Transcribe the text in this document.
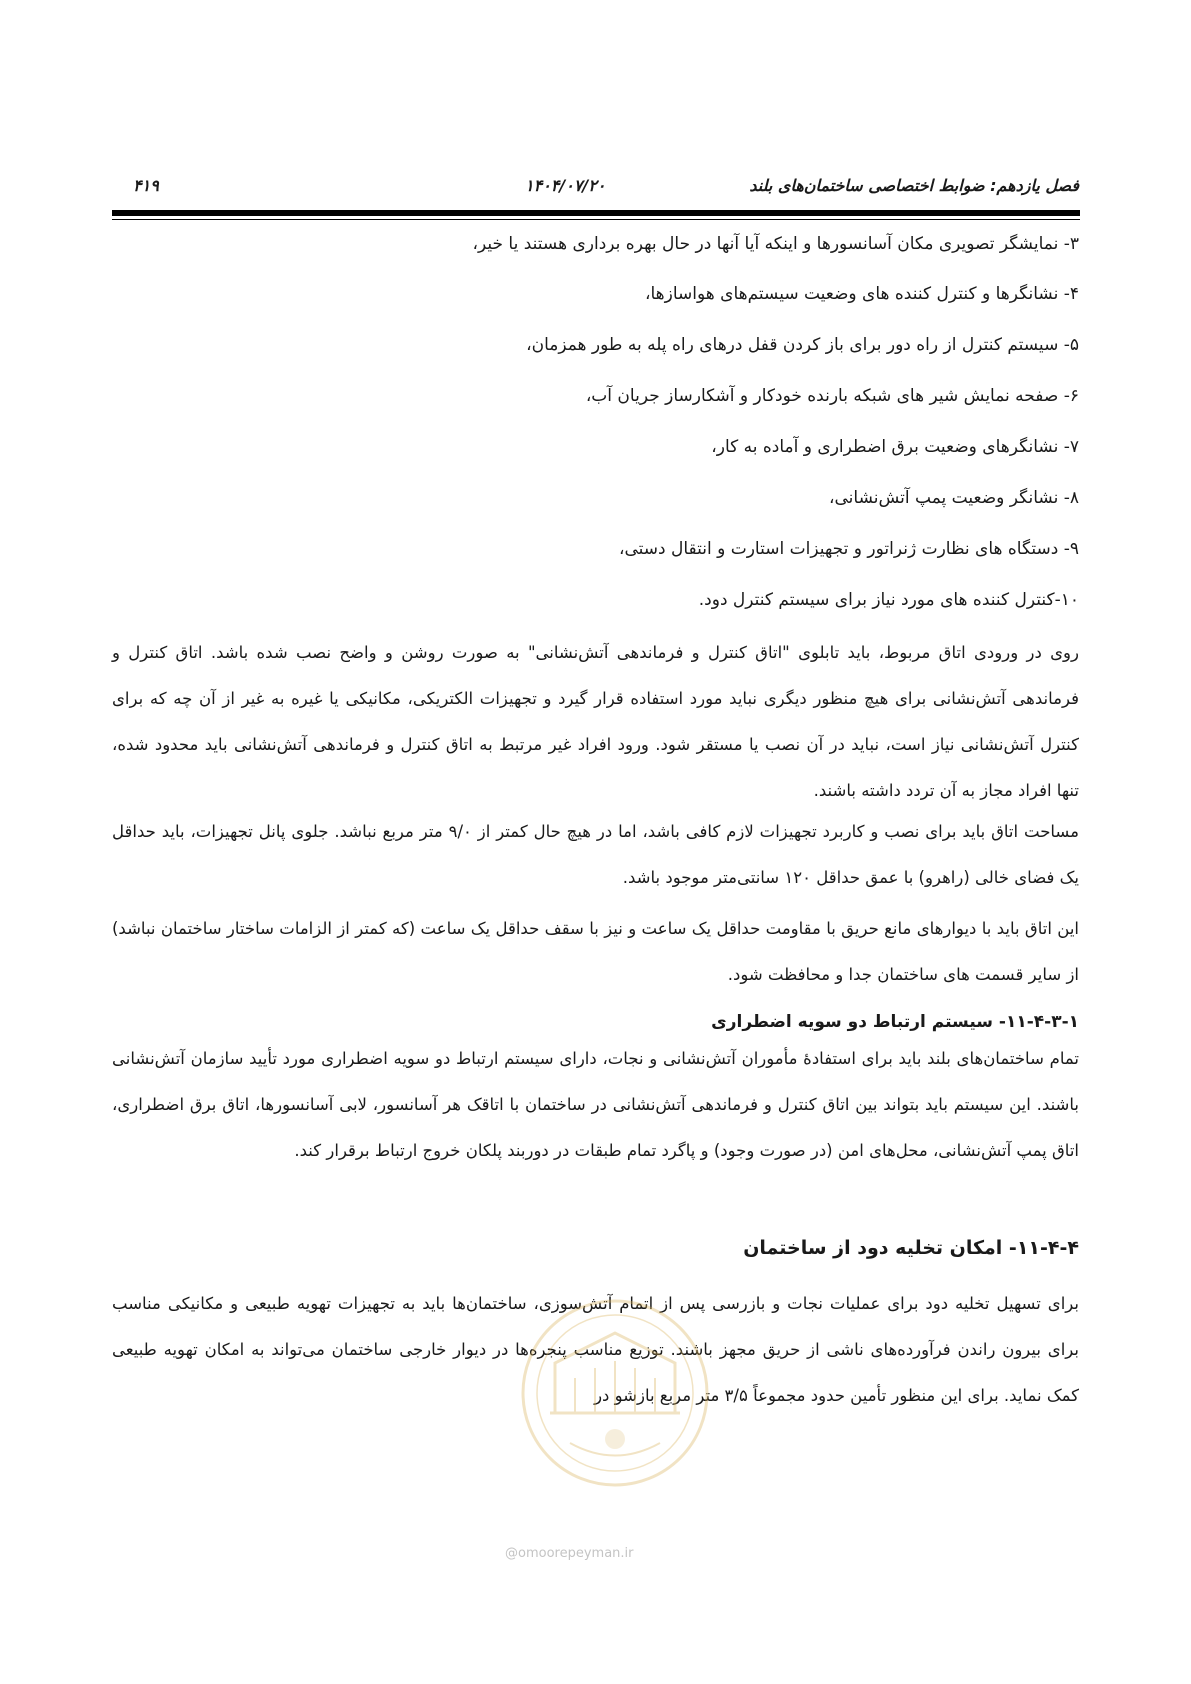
فصل یازدهم: ضوابط اختصاصی ساختمان‌های بلند
۱۴۰۴/۰۷/۲۰
۴۱۹
۳- نمایشگر تصویری مکان آسانسورها و اینکه آیا آنها در حال بهره برداری هستند یا خیر،
۴- نشانگرها و کنترل کننده های وضعیت سیستم‌های هواسازها،
۵- سیستم کنترل از راه دور برای باز کردن قفل درهای راه پله به طور همزمان،
۶- صفحه نمایش شیر های شبکه بارنده خودکار و آشکارساز جریان آب،
۷- نشانگرهای وضعیت برق اضطراری و آماده به کار،
۸- نشانگر وضعیت پمپ آتش‌نشانی،
۹- دستگاه های نظارت ژنراتور و تجهیزات استارت و انتقال دستی،
۱۰-کنترل کننده های مورد نیاز برای سیستم کنترل دود.
روی در ورودی اتاق مربوط، باید تابلوی "اتاق کنترل و فرماندهی آتش‌نشانی" به صورت روشن و واضح نصب شده باشد. اتاق کنترل و فرماندهی آتش‌نشانی برای هیچ منظور دیگری نباید مورد استفاده قرار گیرد و تجهیزات الکتریکی، مکانیکی یا غیره به غیر از آن چه که برای کنترل آتش‌نشانی نیاز است، نباید در آن نصب یا مستقر شود. ورود افراد غیر مرتبط به اتاق کنترل و فرماندهی آتش‌نشانی باید محدود شده، تنها افراد مجاز به آن تردد داشته باشند.
مساحت اتاق باید برای نصب و کاربرد تجهیزات لازم کافی باشد، اما در هیچ حال کمتر از ۹/۰ متر مربع نباشد. جلوی پانل تجهیزات، باید حداقل یک فضای خالی (راهرو) با عمق حداقل ۱۲۰ سانتی‌متر موجود باشد.
این اتاق باید با دیوارهای مانع حریق با مقاومت حداقل یک ساعت و نیز با سقف حداقل یک ساعت (که کمتر از الزامات ساختار ساختمان نباشد) از سایر قسمت های ساختمان جدا و محافظت شود.
۱۱-۴-۳-۱- سیستم ارتباط دو سویه اضطراری
تمام ساختمان‌های بلند باید برای استفادهٔ مأموران آتش‌نشانی و نجات، دارای سیستم ارتباط دو سویه اضطراری مورد تأیید سازمان آتش‌نشانی باشند. این سیستم باید بتواند بین اتاق کنترل و فرماندهی آتش‌نشانی در ساختمان با اتاقک هر آسانسور، لابی آسانسورها، اتاق برق اضطراری، اتاق پمپ آتش‌نشانی، محل‌های امن (در صورت وجود) و پاگرد تمام طبقات در دوربند پلکان خروج ارتباط برقرار کند.
۱۱-۴-۴- امکان تخلیه دود از ساختمان
برای تسهیل تخلیه دود برای عملیات نجات و بازرسی پس از اتمام آتش‌سوزی، ساختمان‌ها باید به تجهیزات تهویه طبیعی و مکانیکی مناسب برای بیرون راندن فرآورده‌های ناشی از حریق مجهز باشند. توزیع مناسب پنجره‌ها در دیوار خارجی ساختمان می‌تواند به امکان تهویه طبیعی کمک نماید. برای این منظور تأمین حدود مجموعاً ۳/۵ متر مربع بازشو در
@omoorepeyman.ir
